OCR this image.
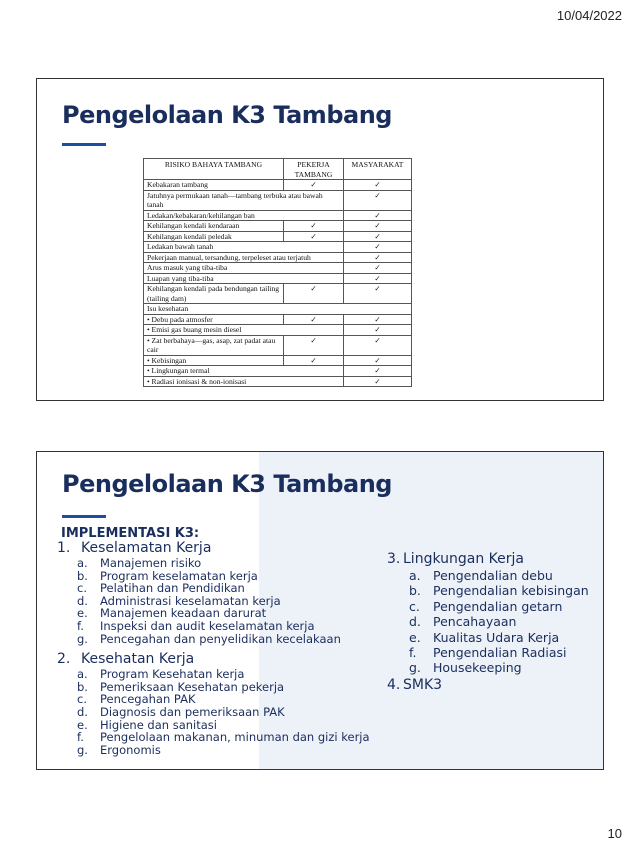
10/04/2022
Pengelolaan K3 Tambang
RISIKO BAHAYA TAMBANG	PEKERJA TAMBANG	MASYARAKAT
Kebakaran tambang	✓	✓
Jatuhnya permukaan tanah—tambang terbuka atau bawah tanah		✓
Ledakan/kebakaran/kehilangan ban		✓
Kehilangan kendali kendaraan	✓	✓
Kehilangan kendali peledak	✓	✓
Ledakan bawah tanah		✓
Pekerjaan manual, tersandung, terpeleset atau terjatuh		✓
Arus masuk yang tiba-tiba		✓
Luapan yang tiba-tiba		✓
Kehilangan kendali pada bendungan tailing (tailing dam)	✓	✓
Isu kesehatan		
• Debu pada atmosfer	✓	✓
• Emisi gas buang mesin diesel		✓
• Zat berbahaya—gas, asap, zat padat atau cair	✓	✓
• Kebisingan	✓	✓
• Lingkungan termal		✓
• Radiasi ionisasi & non-ionisasi		✓
Pengelolaan K3 Tambang
IMPLEMENTASI K3:
1. Keselamatan Kerja
a.	Manajemen risiko
b.	Program keselamatan kerja
c.	Pelatihan dan Pendidikan
d.	Administrasi keselamatan kerja
e.	Manajemen keadaan darurat
f.	Inspeksi dan audit keselamatan kerja
g.	Pencegahan dan penyelidikan kecelakaan
2. Kesehatan Kerja
a.	Program Kesehatan kerja
b.	Pemeriksaan Kesehatan pekerja
c.	Pencegahan PAK
d.	Diagnosis dan pemeriksaan PAK
e.	Higiene dan sanitasi
f.	Pengelolaan makanan, minuman dan gizi kerja
g.	Ergonomis
3. Lingkungan Kerja
a. Pengendalian debu
b. Pengendalian kebisingan
c.	Pengendalian getarn
d. Pencahayaan
e. Kualitas Udara Kerja
f.	Pengendalian Radiasi
g. Housekeeping
4. SMK3
10
